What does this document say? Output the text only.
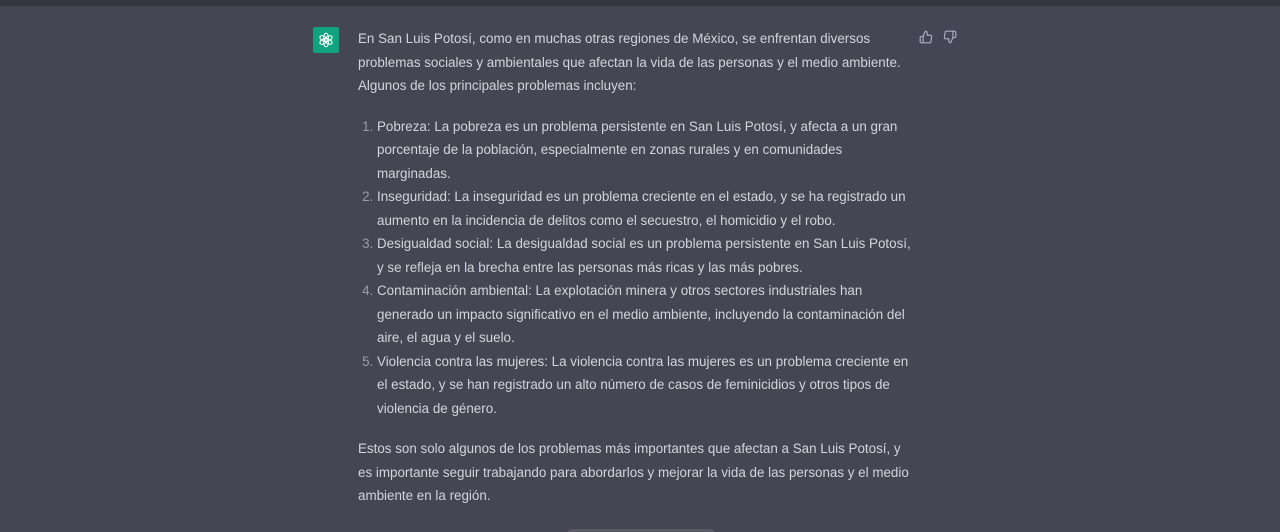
En San Luis Potosí, como en muchas otras regiones de México, se enfrentan diversos problemas sociales y ambientales que afectan la vida de las personas y el medio ambiente. Algunos de los principales problemas incluyen:

1. Pobreza: La pobreza es un problema persistente en San Luis Potosí, y afecta a un gran porcentaje de la población, especialmente en zonas rurales y en comunidades marginadas.
2. Inseguridad: La inseguridad es un problema creciente en el estado, y se ha registrado un aumento en la incidencia de delitos como el secuestro, el homicidio y el robo.
3. Desigualdad social: La desigualdad social es un problema persistente en San Luis Potosí, y se refleja en la brecha entre las personas más ricas y las más pobres.
4. Contaminación ambiental: La explotación minera y otros sectores industriales han generado un impacto significativo en el medio ambiente, incluyendo la contaminación del aire, el agua y el suelo.
5. Violencia contra las mujeres: La violencia contra las mujeres es un problema creciente en el estado, y se han registrado un alto número de casos de feminicidios y otros tipos de violencia de género.

Estos son solo algunos de los problemas más importantes que afectan a San Luis Potosí, y es importante seguir trabajando para abordarlos y mejorar la vida de las personas y el medio ambiente en la región.
